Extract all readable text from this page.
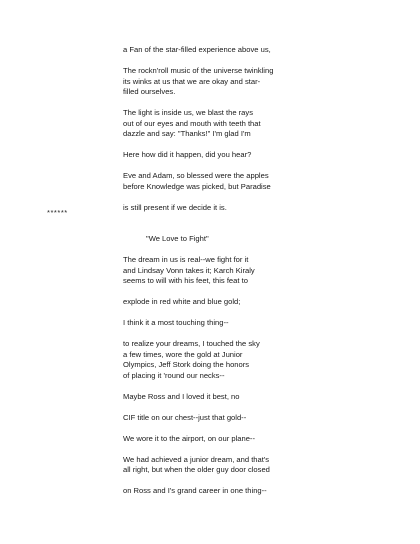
a Fan of the star-filled experience above us,

The rockn'roll music of the universe twinkling

its winks at us that we are okay and star-

filled ourselves.

The light is inside us, we blast the rays

out of our eyes and mouth with teeth that

dazzle and say: "Thanks!" I'm glad I'm

Here how did it happen, did you hear?

Eve and Adam, so blessed were the apples

before Knowledge was picked, but Paradise

is still present if we decide it is.

"We Love to Fight"

The dream in us is real--we fight for it

and Lindsay Vonn takes it; Karch Kiraly

seems to will with his feet, this feat to

explode in red white and blue gold;

I think it a most touching thing--

to realize your dreams, I touched the sky

a few times, wore the gold at Junior

Olympics, Jeff Stork doing the honors

of placing it 'round our necks--

Maybe Ross and I loved it best, no

CIF title on our chest--just that gold--

We wore it to the airport, on our plane--

We had achieved a junior dream, and that's

all right, but when the older guy door closed

on Ross and I's grand career in one thing--

******
